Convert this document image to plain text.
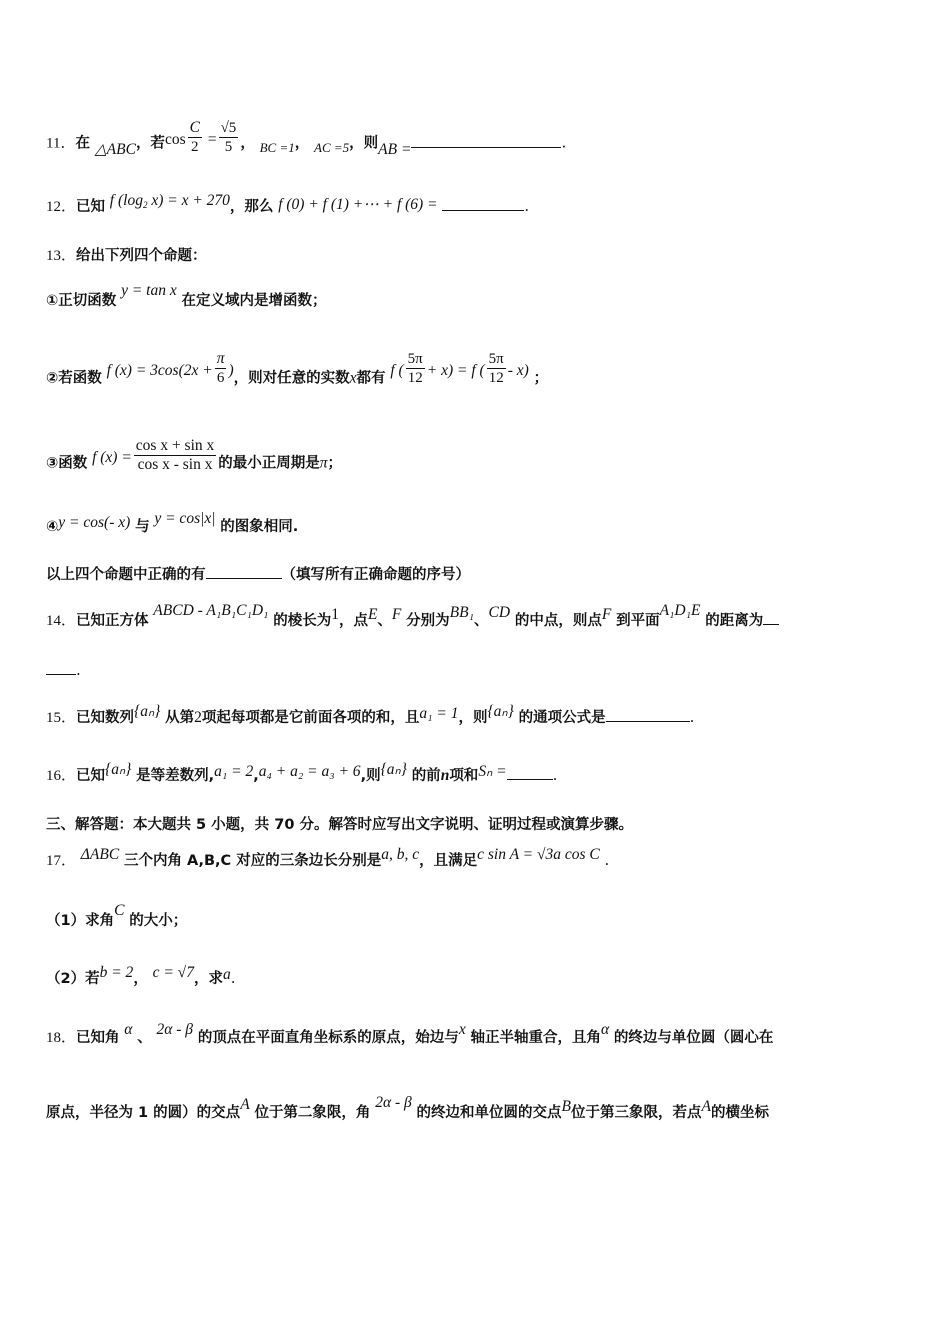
11．在 △ABC，若$\cos \frac{C}{2} = \frac{√5}{5}$ ， BC =1， AC =5，则AB =	.
12．已知 f ($\log_2$ x) = x + 270，那么 f (0) + f (1) +⋯ + f (6) =	.
13．给出下列四个命题：
①正切函数 y = tan x 在定义域内是增函数；
②若函数 f $(x) = 3\cos(2x + \frac{\pi}{6}$ )，则对任意的实数x都有 f ( $\frac{5\pi}{12} + x) = f$ ( $\frac{5\pi}{12} - x$) ；
③函数 f $(x) = \frac{\text{cos x + sin x}}{\text{cos x - sin x}}$ 的最小正周期是π；
④y = cos(- x) 与 y = cos|x| 的图象相同.
以上四个命题中正确的有	（填写所有正确命题的序号）
14．已知正方体 ABCD - A₁B₁C₁D₁ 的棱长为1，点E、F 分别为BB₁、CD 的中点，则点F 到平面A₁D₁E 的距离为
.
15．已知数列{aₙ} 从第2项起每项都是它前面各项的和，且a₁ = 1，则{aₙ} 的通项公式是	.
16．已知{aₙ} 是等差数列,a₁ = 2,a₄ + a₂ = a₃ + 6,则{aₙ} 的前n项和Sₙ =	.
三、解答题：本大题共 5 小题，共 70 分。解答时应写出文字说明、证明过程或演算步骤。
17． ΔABC 三个内角 A,B,C 对应的三条边长分别是a, b, c，且满足c sin A = √3a cos C .
（1）求角C 的大小；
（2）若b = 2， c = √7，求a.
18．已知角 α 、 2α - β 的顶点在平面直角坐标系的原点，始边与x 轴正半轴重合，且角α 的终边与单位圆（圆心在
原点，半径为 1 的圆）的交点A 位于第二象限，角 2α - β 的终边和单位圆的交点B位于第三象限，若点A的横坐标
